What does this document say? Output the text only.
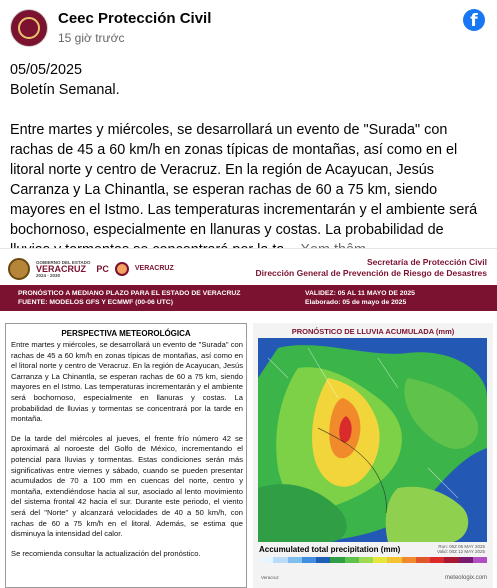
Ceec Protección Civil
15 giờ trước
f

05/05/2025

Boletín Semanal.

Entre martes y miércoles, se desarrollará un evento de "Surada" con rachas de 45 a 60 km/h en zonas típicas de montañas, así como en el litoral norte y centro de Veracruz. En la región de Acayucan, Jesús Carranza y La Chinantla, se esperan rachas de 60 a 75 km, siendo mayores en el Istmo. Las temperaturas incrementarán y el ambiente será bochornoso, especialmente en llanuras y costas. La probabilidad de

GOBIERNO DEL ESTADO
VERACRUZ
2024 - 2030
PC	VERACRUZ
Secretaría de Protección Civil
Dirección General de Prevención de Riesgo de Desastres
PRONÓSTICO A MEDIANO PLAZO PARA EL ESTADO DE VERACRUZ
FUENTE: MODELOS GFS Y ECMWF (00-06 UTC)
VALIDEZ: 05 AL 11 MAYO DE 2025
Elaborado: 05 de mayo de 2025
PERSPECTIVA METEOROLÓGICA

Entre martes y miércoles, se desarrollará un evento de "Surada" con rachas de 45 a 60 km/h en zonas típicas de montañas, así como en el litoral norte y centro de Veracruz. En la región de Acayucan, Jesús Carranza y La Chinantla, se esperan rachas de 60 a 75 km, siendo mayores en el Istmo. Las temperaturas incrementarán y el ambiente será bochornoso, especialmente en llanuras y costas. La probabilidad de lluvias y tormentas se concentrará por la tarde en montaña.

De la tarde del miércoles al jueves, el frente frío número 42 se aproximará al noroeste del Golfo de México, incrementando el potencial para lluvias y tormentas. Estas condiciones serán más significativas entre viernes y sábado, cuando se pueden presentar acumulados de 70 a 100 mm en cuencas del norte, centro y montaña, extendiéndose hacia al sur, asociado al lento movimiento del sistema frontal 42 hacia el sur. Durante este periodo, el viento será del "Norte" y alcanzará velocidades de 40 a 50 km/h, con rachas de 60 a 75 km/h en el litoral. Además, se estima que disminuya la intensidad del calor.

Se recomienda consultar la actualización del pronóstico.

PRONÓSTICO DE LLUVIA ACUMULADA (mm)
Accumulated total precipitation (mm)	Run: 06Z 05 MAY 2025
Valid: 00Z 12 MAY 2025
Veracruz	meteologix.com
